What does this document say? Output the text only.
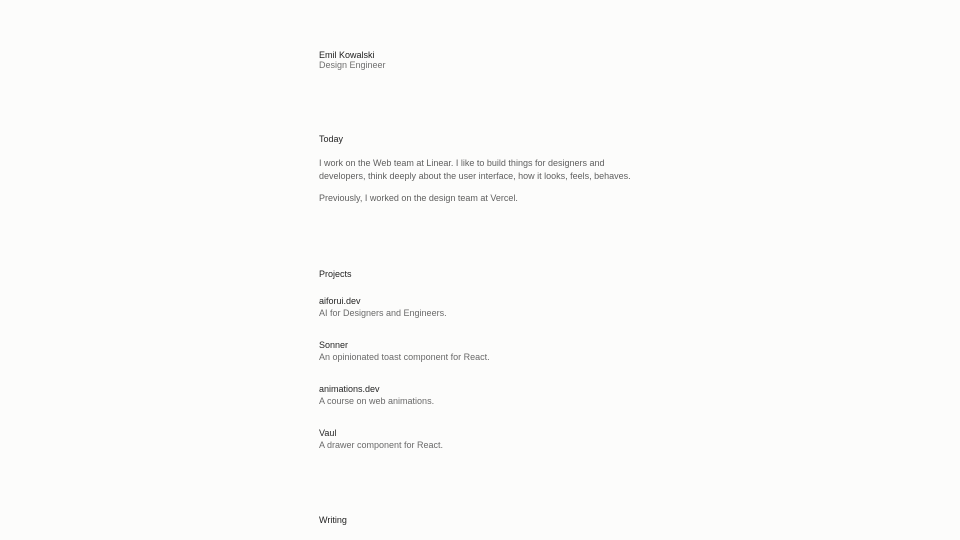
Emil Kowalski
Design Engineer
Today
I work on the Web team at Linear. I like to build things for designers and developers, think deeply about the user interface, how it looks, feels, behaves.
Previously, I worked on the design team at Vercel.
Projects
aiforui.dev
AI for Designers and Engineers.
Sonner
An opinionated toast component for React.
animations.dev
A course on web animations.
Vaul
A drawer component for React.
Writing
